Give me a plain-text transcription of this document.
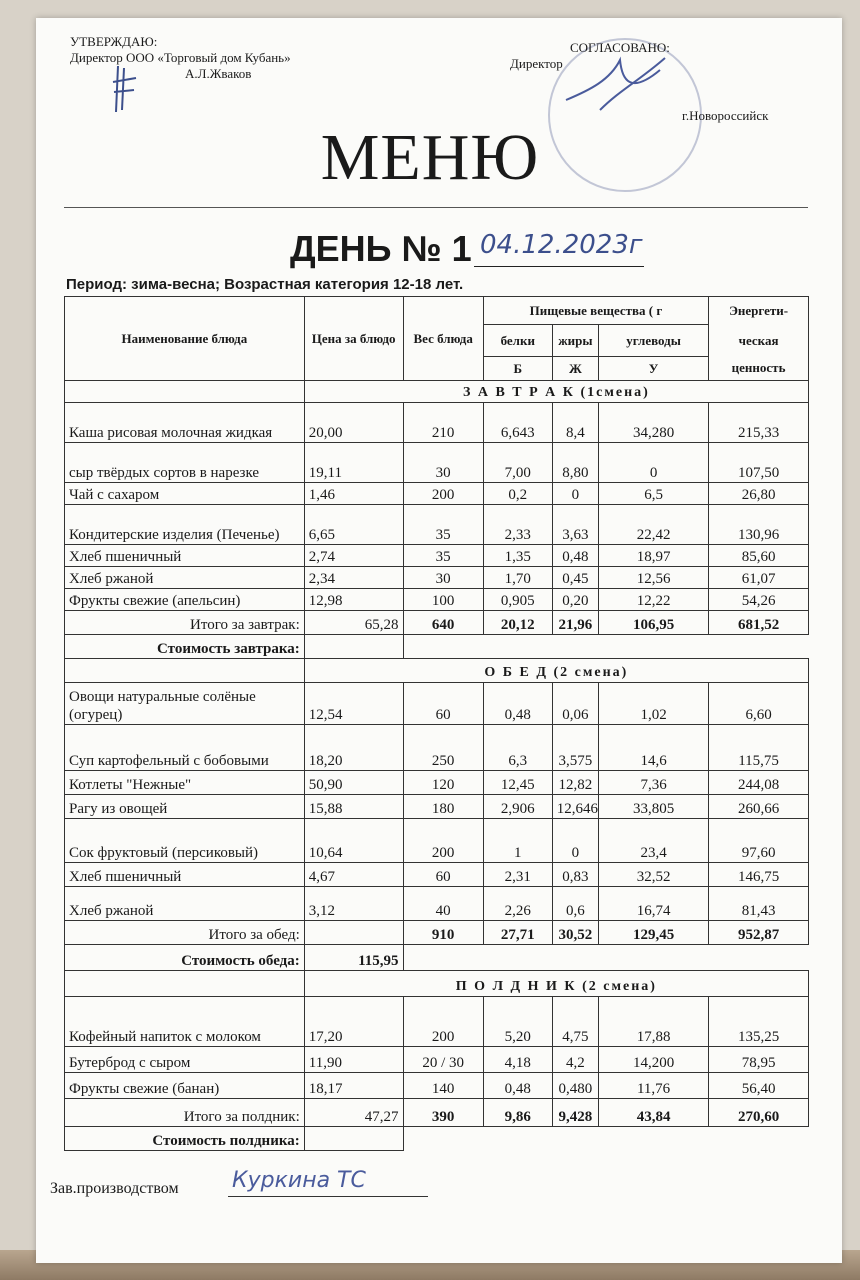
УТВЕРЖДАЮ:
Директор ООО «Торговый дом Кубань»
А.Л.Жваков
СОГЛАСОВАНО:
Директор
г.Новороссийск
МЕНЮ
ДЕНЬ № 1 04.12.2023г
Период: зима-весна; Возрастная категория 12-18 лет.
Наименование блюда	Цена за блюдо	Вес блюда	Пищевые вещества ( г			Энергети-
			белки	жиры	углеводы	ческая
			Б	Ж	У	ценность
	З А В Т Р А К (1смена)					
Каша рисовая молочная жидкая	20,00	210	6,643	8,4	34,280	215,33
сыр твёрдых сортов в нарезке	19,11	30	7,00	8,80	0	107,50
Чай с сахаром	1,46	200	0,2	0	6,5	26,80
Кондитерские изделия (Печенье)	6,65	35	2,33	3,63	22,42	130,96
Хлеб пшеничный	2,74	35	1,35	0,48	18,97	85,60
Хлеб ржаной	2,34	30	1,70	0,45	12,56	61,07
Фрукты свежие (апельсин)	12,98	100	0,905	0,20	12,22	54,26
Итого за завтрак:	65,28	640	20,12	21,96	106,95	681,52
Стоимость завтрака:						
	О Б Е Д (2 смена)					
Овощи натуральные солёные (огурец)	12,54	60	0,48	0,06	1,02	6,60
Суп картофельный с бобовыми	18,20	250	6,3	3,575	14,6	115,75
Котлеты "Нежные"	50,90	120	12,45	12,82	7,36	244,08
Рагу из овощей	15,88	180	2,906	12,646	33,805	260,66
Сок фруктовый (персиковый)	10,64	200	1	0	23,4	97,60
Хлеб пшеничный	4,67	60	2,31	0,83	32,52	146,75
Хлеб ржаной	3,12	40	2,26	0,6	16,74	81,43
Итого за обед:		910	27,71	30,52	129,45	952,87
Стоимость обеда:	115,95					
	П О Л Д Н И К (2 смена)					
Кофейный напиток с молоком	17,20	200	5,20	4,75	17,88	135,25
Бутерброд с сыром	11,90	20 / 30	4,18	4,2	14,200	78,95
Фрукты свежие (банан)	18,17	140	0,48	0,480	11,76	56,40
Итого за полдник:	47,27	390	9,86	9,428	43,84	270,60
Стоимость полдника:						
Зав.производством Куркина ТС
